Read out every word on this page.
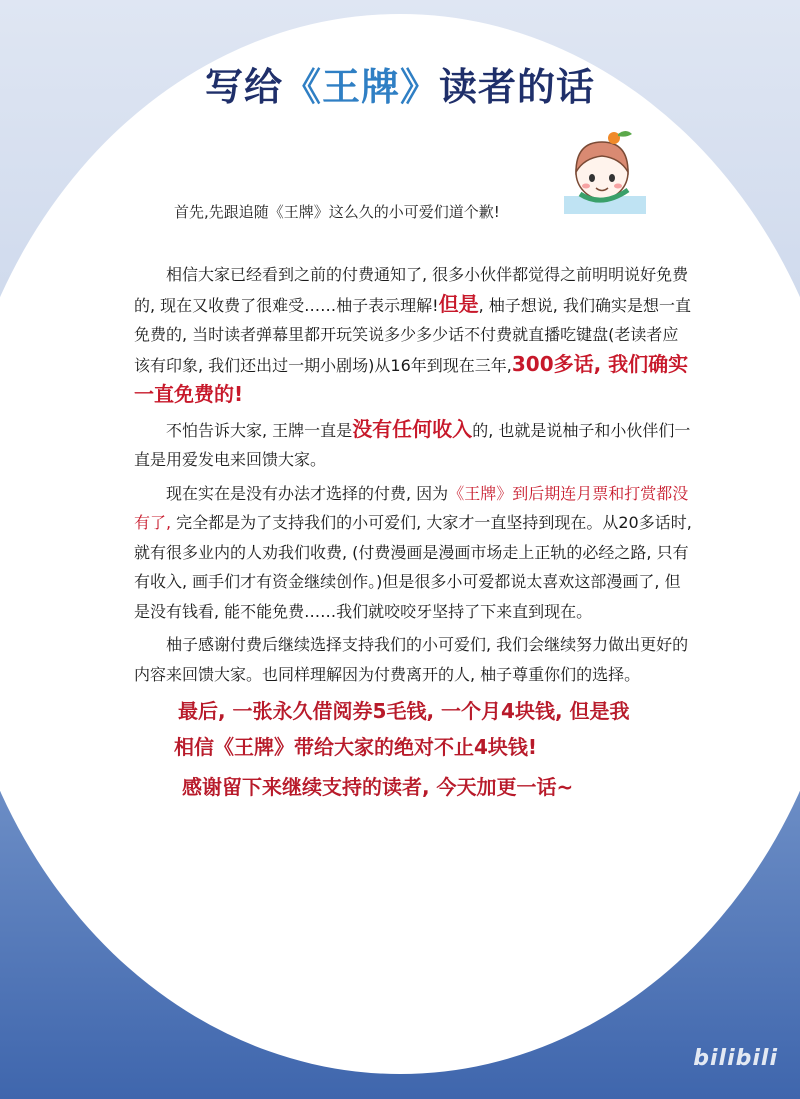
写给《王牌》读者的话
首先,先跟追随《王牌》这么久的小可爱们道个歉!

相信大家已经看到之前的付费通知了, 很多小伙伴都觉得之前明明说好免费的, 现在又收费了很难受……柚子表示理解!但是, 柚子想说, 我们确实是想一直免费的, 当时读者弹幕里都开玩笑说多少多少话不付费就直播吃键盘(老读者应该有印象, 我们还出过一期小剧场)从16年到现在三年,300多话, 我们确实一直免费的!

不怕告诉大家, 王牌一直是没有任何收入的, 也就是说柚子和小伙伴们一直是用爱发电来回馈大家。

现在实在是没有办法才选择的付费, 因为《王牌》到后期连月票和打赏都没有了, 完全都是为了支持我们的小可爱们, 大家才一直坚持到现在。从20多话时, 就有很多业内的人劝我们收费, (付费漫画是漫画市场走上正轨的必经之路, 只有有收入, 画手们才有资金继续创作。)但是很多小可爱都说太喜欢这部漫画了, 但是没有钱看, 能不能免费……我们就咬咬牙坚持了下来直到现在。

柚子感谢付费后继续选择支持我们的小可爱们, 我们会继续努力做出更好的内容来回馈大家。也同样理解因为付费离开的人, 柚子尊重你们的选择。

最后, 一张永久借阅券5毛钱, 一个月4块钱, 但是我

相信《王牌》带给大家的绝对不止4块钱!

感谢留下来继续支持的读者, 今天加更一话~

bilibili
